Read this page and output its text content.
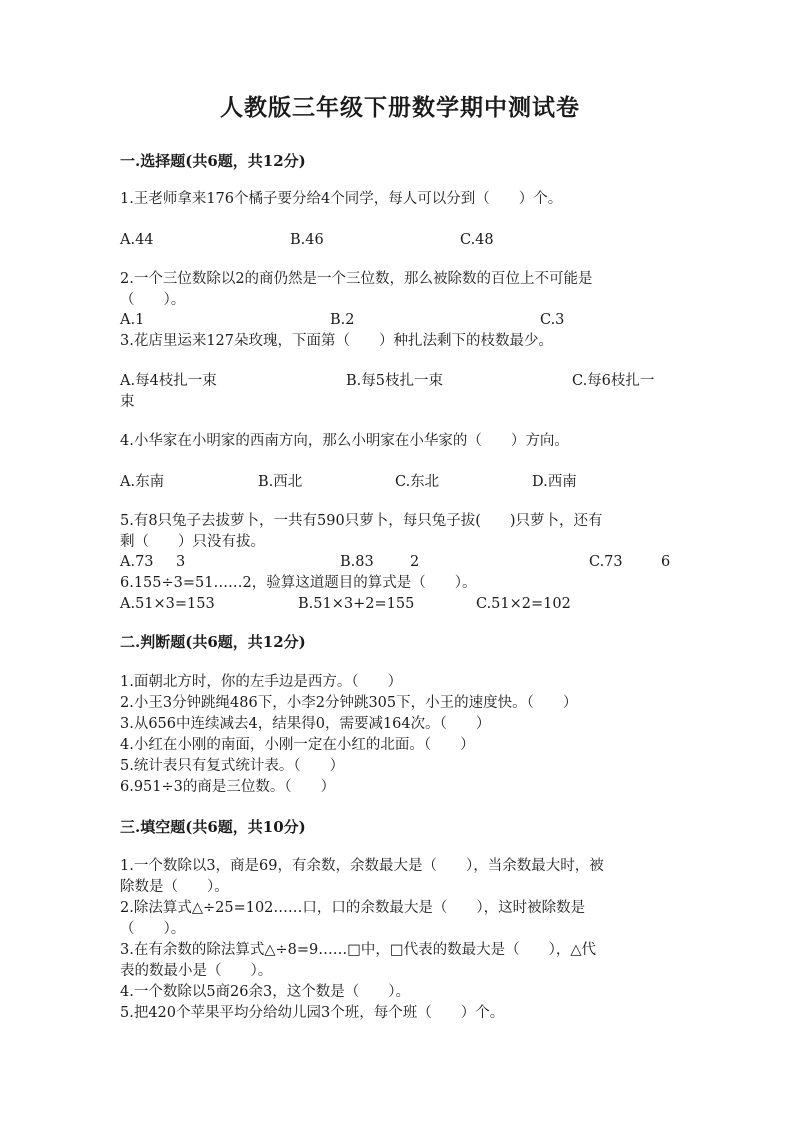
人教版三年级下册数学期中测试卷
一.选择题(共6题，共12分)
1.王老师拿来176个橘子要分给4个同学，每人可以分到（　　）个。
A.44	B.46	C.48
2.一个三位数除以2的商仍然是一个三位数，那么被除数的百位上不可能是
（　　）。
A.1	B.2	C.3
3.花店里运来127朵玫瑰，下面第（　　）种扎法剩下的枝数最少。
A.每4枝扎一束	B.每5枝扎一束	C.每6枝扎一
束
4.小华家在小明家的西南方向，那么小明家在小华家的（　　）方向。
A.东南	B.西北	C.东北	D.西南
5.有8只兔子去拔萝卜，一共有590只萝卜，每只兔子拔(　　)只萝卜，还有
剩（　　）只没有拔。
A.73 3	B.83	2	C.73	6
6.155÷3=51……2，验算这道题目的算式是（　　）。
A.51×3=153	B.51×3+2=155	C.51×2=102
二.判断题(共6题，共12分)
1.面朝北方时，你的左手边是西方。（　　）
2.小王3分钟跳绳486下，小李2分钟跳305下，小王的速度快。（　　）
3.从656中连续减去4，结果得0，需要减164次。（　　）
4.小红在小刚的南面，小刚一定在小红的北面。（　　）
5.统计表只有复式统计表。（　　）
6.951÷3的商是三位数。（　　）
三.填空题(共6题，共10分)
1.一个数除以3，商是69，有余数，余数最大是（　　），当余数最大时，被
除数是（　　）。
2.除法算式△÷25=102……口，口的余数最大是（　　），这时被除数是
（　　）。
3.在有余数的除法算式△÷8=9……□中，□代表的数最大是（　　），△代
表的数最小是（　　）。
4.一个数除以5商26余3，这个数是（　　）。
5.把420个苹果平均分给幼儿园3个班，每个班（　　）个。
